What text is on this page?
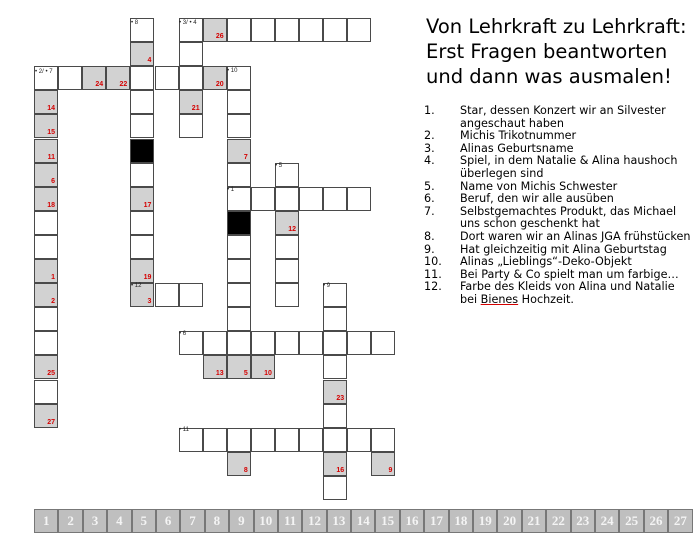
26
24
22
20
3
14
15
11
6
18
1
2
25
4
17
19
21
7
5
12
23
16
13
10
27
8
9
• 2/ • 7
• 3/ • 4
• 1
• 6
• 11
• 12
• 8
• 10
• 5
• 9
Von Lehrkraft zu Lehrkraft:
Erst Fragen beantworten
und dann was ausmalen!
1. Star, dessen Konzert wir an Silvester angeschaut haben
2. Michis Trikotnummer
3. Alinas Geburtsname
4. Spiel, in dem Natalie & Alina haushoch überlegen sind
5. Name von Michis Schwester
6. Beruf, den wir alle ausüben
7. Selbstgemachtes Produkt, das Michael uns schon geschenkt hat
8. Dort waren wir an Alinas JGA frühstücken
9. Hat gleichzeitig mit Alina Geburtstag
10. Alinas „Lieblings“-Deko-Objekt
11. Bei Party & Co spielt man um farbige…
12. Farbe des Kleids von Alina und Natalie bei Bienes Hochzeit.
1	2	3	4	5	6	7	8	9	10 11 12 13 14 15 16 17 18 19 20 21 22 23 24 25 26 27
